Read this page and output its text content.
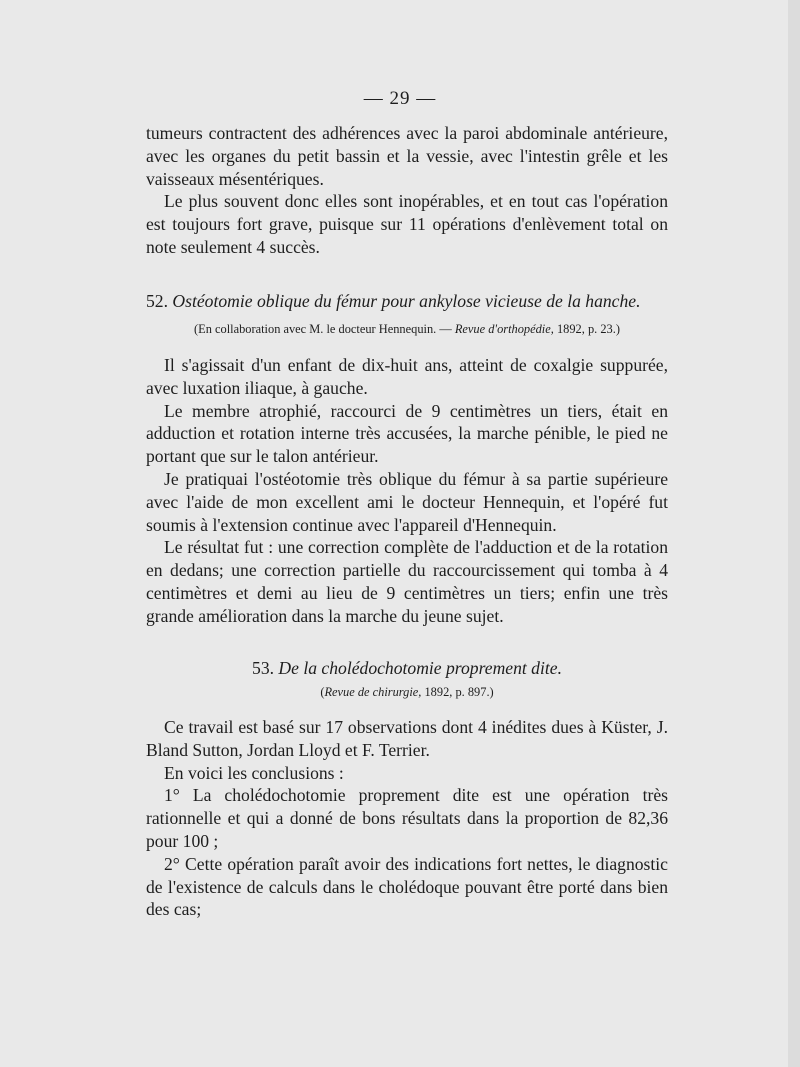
— 29 —

tumeurs contractent des adhérences avec la paroi abdominale antérieure, avec les organes du petit bassin et la vessie, avec l'intestin grêle et les vaisseaux mésentériques.

Le plus souvent donc elles sont inopérables, et en tout cas l'opération est toujours fort grave, puisque sur 11 opérations d'enlèvement total on note seulement 4 succès.

52. Ostéotomie oblique du fémur pour ankylose vicieuse de la hanche.
(En collaboration avec M. le docteur Hennequin. — Revue d'orthopédie, 1892, p. 23.)

Il s'agissait d'un enfant de dix-huit ans, atteint de coxalgie suppurée, avec luxation iliaque, à gauche.

Le membre atrophié, raccourci de 9 centimètres un tiers, était en adduction et rotation interne très accusées, la marche pénible, le pied ne portant que sur le talon antérieur.

Je pratiquai l'ostéotomie très oblique du fémur à sa partie supérieure avec l'aide de mon excellent ami le docteur Hennequin, et l'opéré fut soumis à l'extension continue avec l'appareil d'Hennequin.

Le résultat fut : une correction complète de l'adduction et de la rotation en dedans; une correction partielle du raccourcissement qui tomba à 4 centimètres et demi au lieu de 9 centimètres un tiers; enfin une très grande amélioration dans la marche du jeune sujet.

53. De la cholédochotomie proprement dite.
(Revue de chirurgie, 1892, p. 897.)

Ce travail est basé sur 17 observations dont 4 inédites dues à Küster, J. Bland Sutton, Jordan Lloyd et F. Terrier.

En voici les conclusions :

1° La cholédochotomie proprement dite est une opération très rationnelle et qui a donné de bons résultats dans la proportion de 82,36 pour 100 ;

2° Cette opération paraît avoir des indications fort nettes, le diagnostic de l'existence de calculs dans le cholédoque pouvant être porté dans bien des cas;
